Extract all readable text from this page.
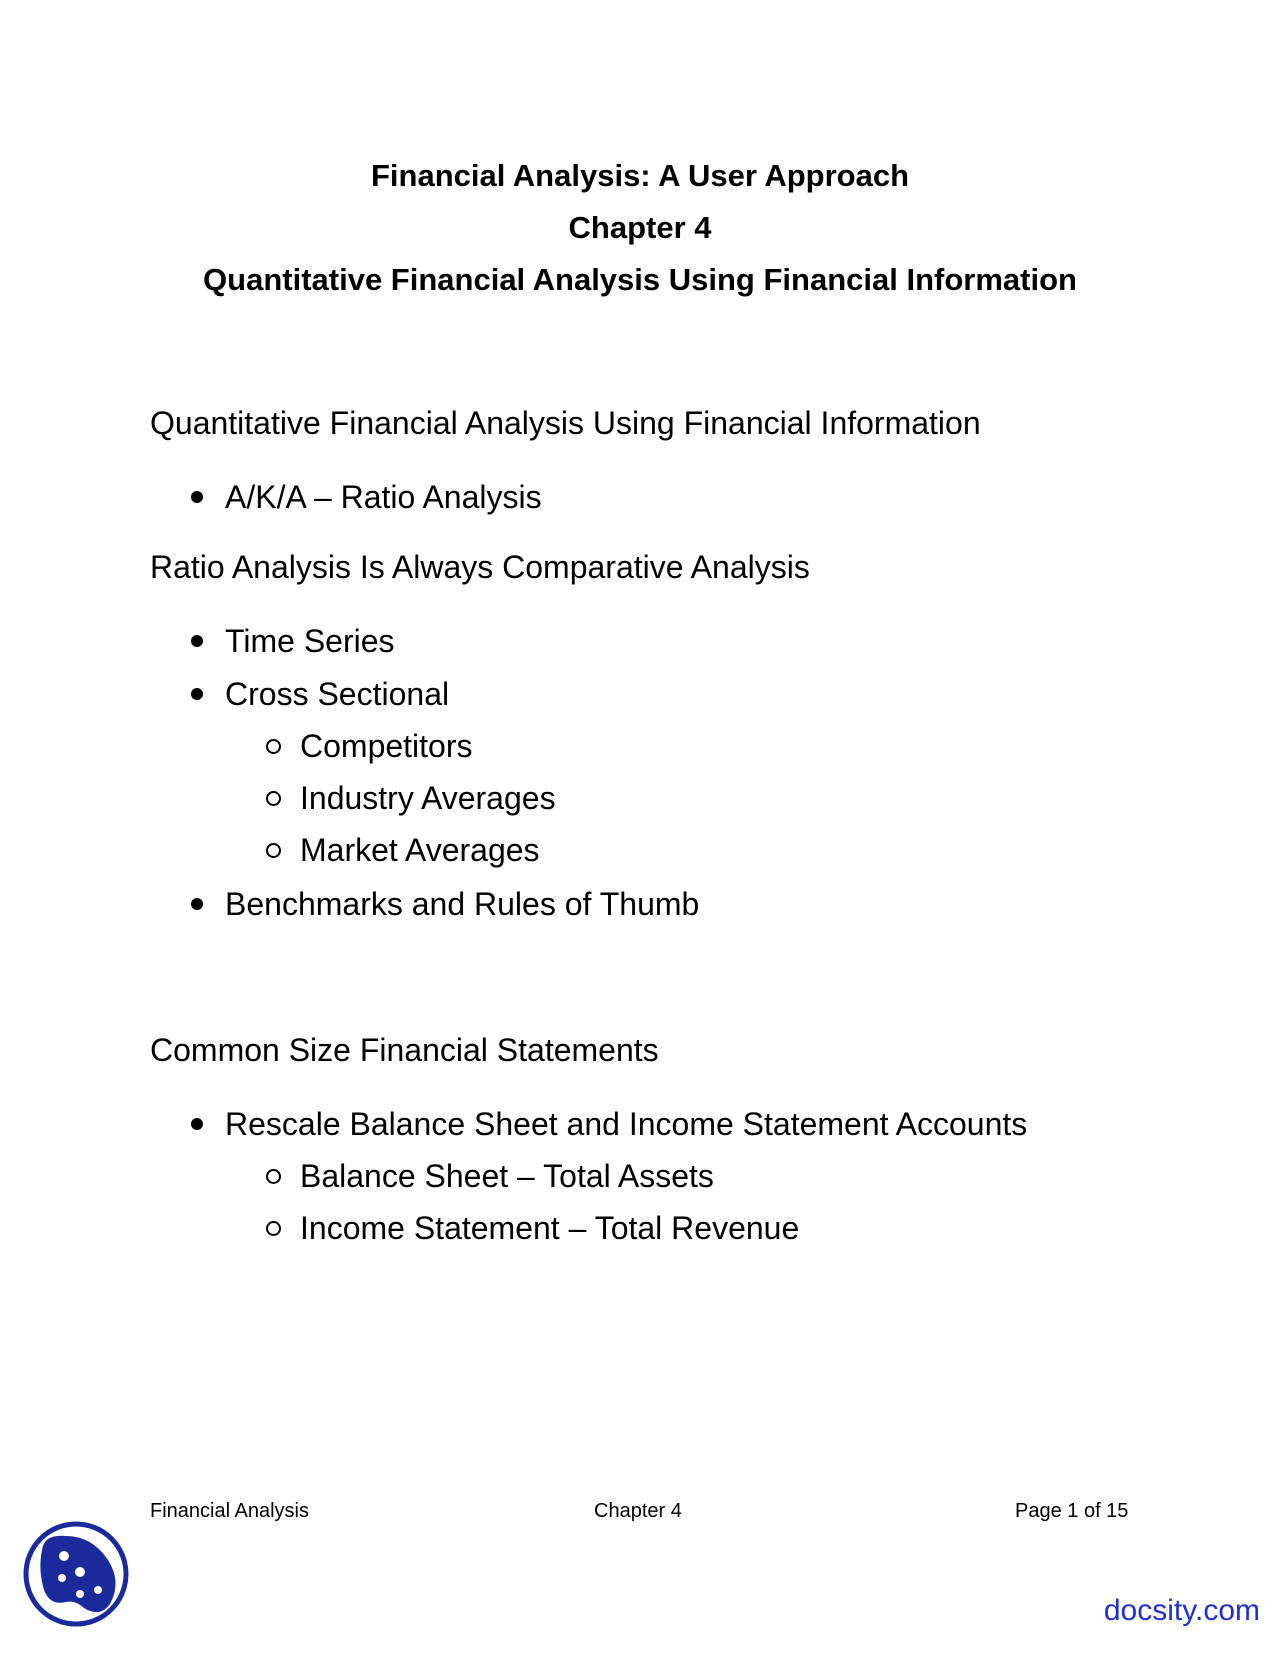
Financial Analysis: A User Approach
Chapter 4
Quantitative Financial Analysis Using Financial Information
Quantitative Financial Analysis Using Financial Information
A/K/A – Ratio Analysis
Ratio Analysis Is Always Comparative Analysis
Time Series
Cross Sectional
Competitors
Industry Averages
Market Averages
Benchmarks and Rules of Thumb
Common Size Financial Statements
Rescale Balance Sheet and Income Statement Accounts
Balance Sheet – Total Assets
Income Statement – Total Revenue
Financial Analysis	Chapter 4	Page 1 of 15
docsity.com
